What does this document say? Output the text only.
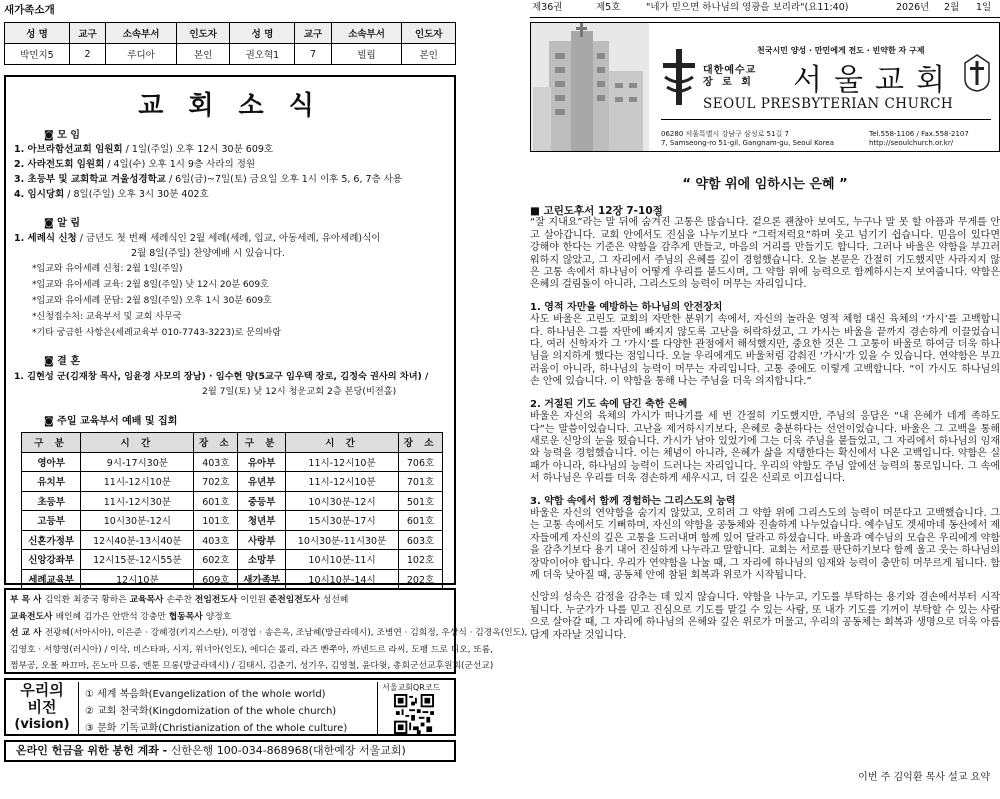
새가족소개
성 명	교구	소속부서	인도자	성 명	교구	소속부서	인도자
박민지5	2	루디아	본인	권오혁1	7	빌립	본인
교 회 소 식
◙ 모 임
1. 아브라함선교회 임원회 / 1일(주일) 오후 12시 30분 609호
2. 사라전도회 임원회 / 4일(수) 오후 1시 9층 사라의 정원
3. 초등부 및 교회학교 겨울성경학교 / 6일(금)~7일(토) 금요일 오후 1시 이후 5, 6, 7층 사용
4. 임시당회 / 8일(주일) 오후 3시 30분 402호
◙ 알 림
1. 세례식 신청 / 금년도 첫 번째 세례식인 2월 세례(세례, 입교, 아동세례, 유아세례)식이
2월 8일(주일) 찬양예배 시 있습니다.
*입교와 유아세례 신청: 2월 1일(주일)
*입교와 유아세례 교육: 2월 8일(주일) 낮 12시 20분 609호
*입교와 유아세례 문답: 2월 8일(주일) 오후 1시 30분 609호
*신청접수처: 교육부서 및 교회 사무국
*기타 궁금한 사항은(세례교육부 010-7743-3223)로 문의바람
◙ 결 혼
1. 김현성 군(김재창 목사, 임윤경 사모의 장남) · 임수현 양(5교구 임우택 장로, 김정숙 권사의 차녀) /
2월 7일(토) 낮 12시 청운교회 2층 본당(비전홀)
◙ 주일 교육부서 예배 및 집회
구 분	시 간	장 소	구 분	시 간	장 소
영아부	9시-17시30분	403호	유아부	11시-12시10분	706호
유치부	11시-12시10분	702호	유년부	11시-12시10분	701호
초등부	11시-12시30분	601호	중등부	10시30분-12시	501호
고등부	10시30분-12시	101호	청년부	15시30분-17시	601호
신혼가정부	12시40분-13시40분	403호	사랑부	10시30분-11시30분	603호
신앙강좌부	12시15분-12시55분	602호	소망부	10시10분-11시	102호
세례교육부	12시10분	609호	새가족부	10시10분-14시	202호
부 목 사 김익환 최중국 황하은 교육목사 손주찬 전임전도사 이인원 준전임전도사 성선혜
교육전도사 배인혜 김가은 안반석 강충만 협동목사 양정호
선 교 사 전광혜(서아시아), 이은준 · 강혜경(키지스스탄), 이경엽 · 송은옥, 조남혜(방글라데시), 조병연 · 김희정, 우상식 · 김경옥(인도),
김영호 · 서향영(러시아) / 이삭, 비스타파, 시지, 위너아(인도), 에디슨 롤리, 라즈 빤쭈아, 까넨드르 라씨, 도팽 드로 디오, 또롬,
쩜부공, 오몰 짜끄마, 돈노마 므롱, 엔툰 므롱(방글라데시) / 김태시, 김춘기, 성기우, 김영철, 윤다윗, 총회군선교후원회(군선교)
우리의
비전
(vision)
① 세계 복음화(Evangelization of the whole world)
② 교회 천국화(Kingdomization of the whole church)
③ 문화 기독교화(Christianization of the whole culture)
서울교회QR코드
온라인 헌금을 위한 봉헌 계좌 - 신한은행 100-034-868968(대한예장 서울교회)
제36권	제5호	"네가 믿으면 하나님의 영광을 보리라"(요11:40)	2026년 2월 1일
천국시민 양성 · 만민에게 전도 · 빈약한 자 구제
대한예수교
장 로 회 서울교회
SEOUL PRESBYTERIAN CHURCH
06280 서울특별시 강남구 삼성로 51길 7
7, Samseong-ro 51-gil, Gangnam-gu, Seoul Korea
Tel.558-1106 / Fax.558-2107
http://seoulchurch.or.kr/
“ 약함 위에 임하시는 은혜 ”

■ 고린도후서 12장 7-10절
“잘 지내요”라는 말 뒤에 숨겨진 고통은 많습니다. 겉으론 괜찮아 보여도, 누구나 말 못 할 아픔과 무게를 안고 살아갑니다. 교회 안에서도 진심을 나누기보다 “그럭저럭요”하며 웃고 넘기기 쉽습니다. 믿음이 있다면 강해야 한다는 기준은 약함을 감추게 만들고, 마음의 거리를 만들기도 합니다. 그러나 바울은 약함을 부끄러워하지 않았고, 그 자리에서 주님의 은혜를 깊이 경험했습니다. 오늘 본문은 간절히 기도했지만 사라지지 않은 고통 속에서 하나님이 어떻게 우리를 붙드시며, 그 약함 위에 능력으로 함께하시는지 보여줍니다. 약함은 은혜의 걸림돌이 아니라, 그리스도의 능력이 머무는 자리입니다.

1. 영적 자만을 예방하는 하나님의 안전장치
사도 바울은 고린도 교회의 자만한 분위기 속에서, 자신의 놀라운 영적 체험 대신 육체의 ‘가시’를 고백합니다. 하나님은 그를 자만에 빠지지 않도록 고난을 허락하셨고, 그 가시는 바울을 끝까지 겸손하게 이끌었습니다. 여러 신학자가 그 ‘가시’를 다양한 관점에서 해석했지만, 중요한 것은 그 고통이 바울로 하여금 더욱 하나님을 의지하게 했다는 점입니다. 오늘 우리에게도 바울처럼 감춰진 ‘가시’가 있을 수 있습니다. 연약함은 부끄러움이 아니라, 하나님의 능력이 머무는 자리입니다. 고통 중에도 이렇게 고백합니다. “이 가시도 하나님의 손 안에 있습니다. 이 약함을 통해 나는 주님을 더욱 의지합니다.”

2. 거절된 기도 속에 담긴 축한 은혜
바울은 자신의 육체의 가시가 떠나기를 세 번 간절히 기도했지만, 주님의 응답은 “내 은혜가 네게 족하도다”는 말씀이었습니다. 고난을 제거하시기보다, 은혜로 충분하다는 선언이었습니다. 바울은 그 고백을 통해 새로운 신앙의 눈을 떴습니다. 가시가 남아 있었기에 그는 더욱 주님을 붙들었고, 그 자리에서 하나님의 임재와 능력을 경험했습니다. 이는 체념이 아니라, 은혜가 삶을 지탱한다는 확신에서 나온 고백입니다. 약함은 실패가 아니라, 하나님의 능력이 드러나는 자리입니다. 우리의 약함도 주님 앞에선 능력의 통로입니다. 그 속에서 하나님은 우리를 더욱 겸손하게 세우시고, 더 깊은 신뢰로 이끄십니다.

3. 약함 속에서 함께 경험하는 그리스도의 능력
바울은 자신의 연약함을 숨기지 않았고, 오히려 그 약함 위에 그리스도의 능력이 머문다고 고백했습니다. 그는 고통 속에서도 기뻐하며, 자신의 약함을 공동체와 진솔하게 나누었습니다. 예수님도 겟세마네 동산에서 제자들에게 자신의 깊은 고통을 드러내며 함께 있어 달라고 하셨습니다. 바울과 예수님의 모습은 우리에게 약함을 감추기보다 용기 내어 진실하게 나누라고 말합니다. 교회는 서로를 판단하기보다 함께 울고 웃는 하나님의 장막이어야 합니다. 우리가 연약함을 나눌 때, 그 자리에 하나님의 임재와 능력이 충만히 머무르게 됩니다. 함께 더욱 낮아질 때, 공동체 안에 참된 회복과 위로가 시작됩니다.

신앙의 성숙은 감정을 감추는 데 있지 않습니다. 약함을 나누고, 기도를 부탁하는 용기와 겸손에서부터 시작됩니다. 누군가가 나를 믿고 진심으로 기도를 맡길 수 있는 사람, 또 내가 기도를 기꺼이 부탁할 수 있는 사람으로 살아갈 때, 그 자리에 하나님의 은혜와 깊은 위로가 머물고, 우리의 공동체는 회복과 생명으로 더욱 아름답게 자라날 것입니다.

이번 주 김익환 목사 설교 요약
